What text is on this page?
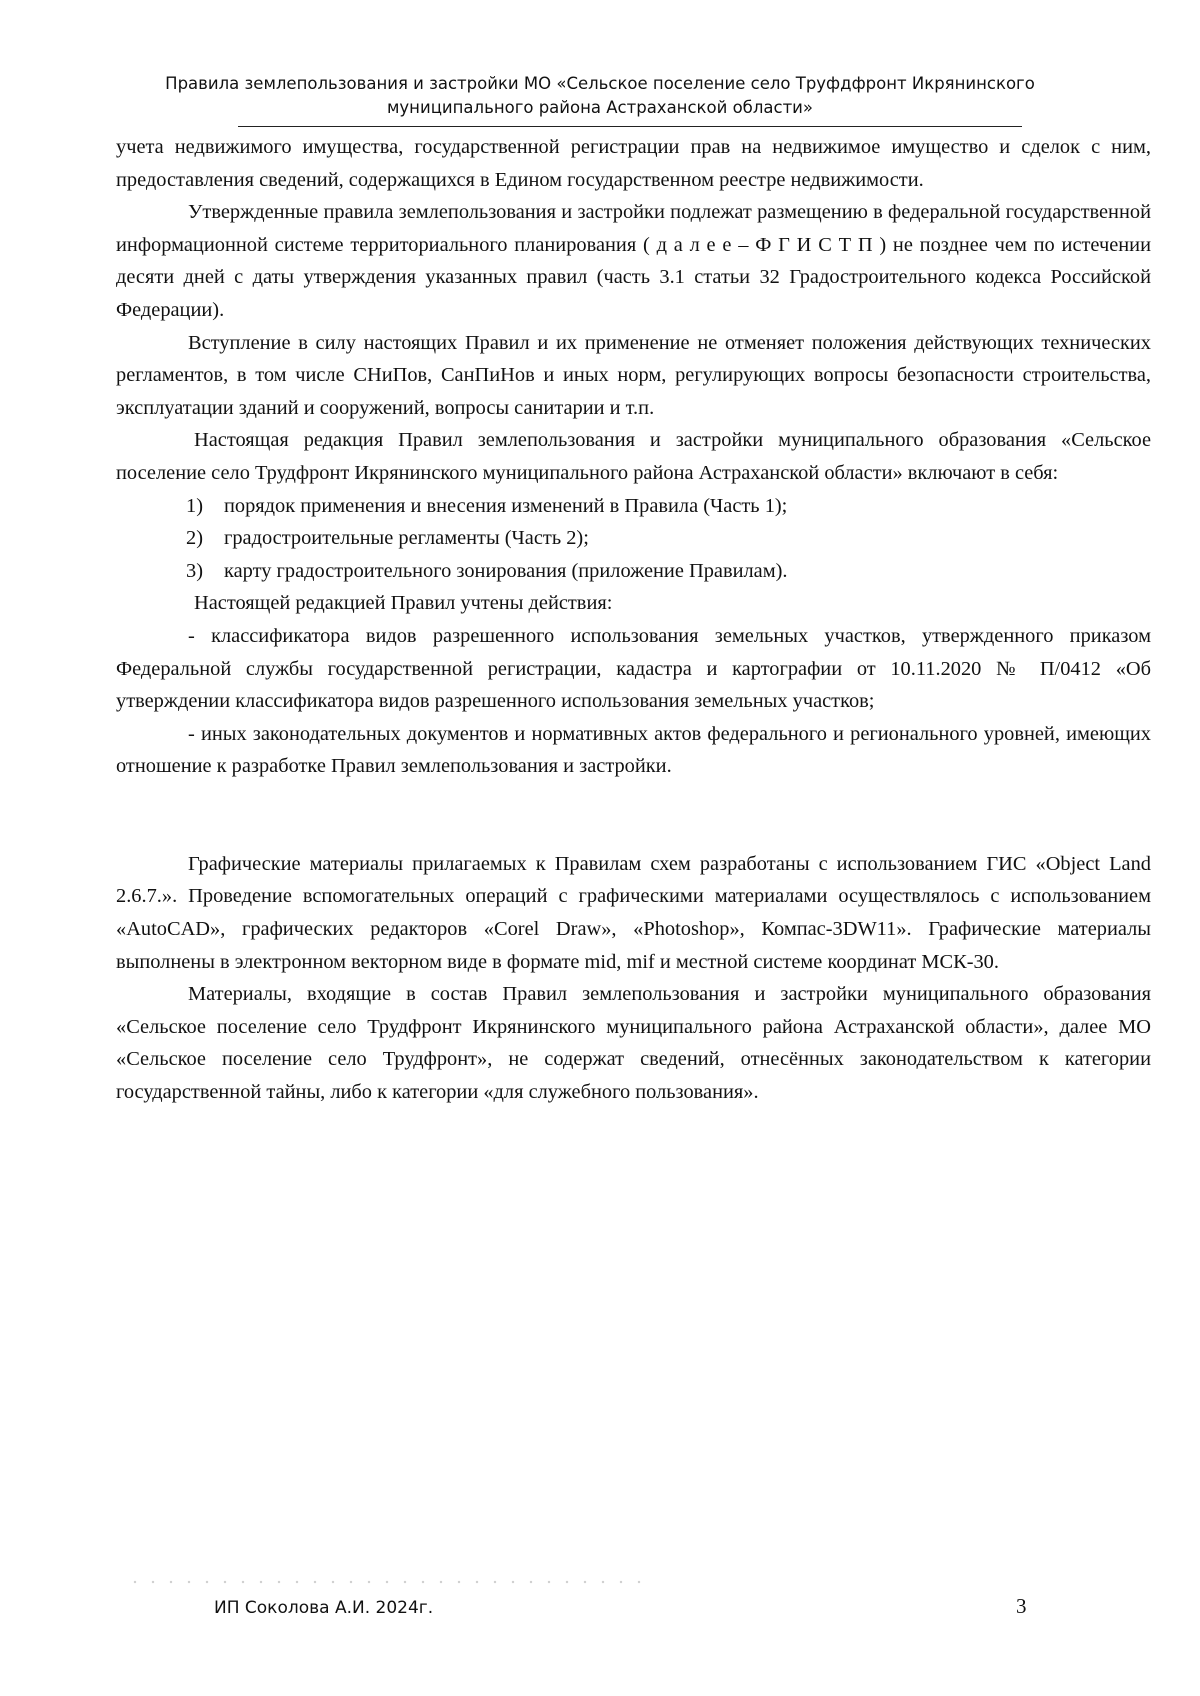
Правила землепользования и застройки МО «Сельское поселение село Труфдфронт Икрянинского
муниципального района Астраханской области»

учета недвижимого имущества, государственной регистрации прав на недвижимое имущество и сделок с ним, предоставления сведений, содержащихся в Едином государственном реестре недвижимости.

Утвержденные правила землепользования и застройки подлежат размещению в федеральной государственной информационной системе территориального планирования ( д а л е е – Ф Г И С Т П ) не позднее чем по истечении десяти дней с даты утверждения указанных правил (часть 3.1 статьи 32 Градостроительного кодекса Российской Федерации).

Вступление в силу настоящих Правил и их применение не отменяет положения действующих технических регламентов, в том числе СНиПов, СанПиНов и иных норм, регулирующих вопросы безопасности строительства, эксплуатации зданий и сооружений, вопросы санитарии и т.п.

Настоящая редакция Правил землепользования и застройки муниципального образования «Сельское поселение село Трудфронт Икрянинского муниципального района Астраханской области» включают в себя:

1) порядок применения и внесения изменений в Правила (Часть 1);
2) градостроительные регламенты (Часть 2);
3) карту градостроительного зонирования (приложение Правилам).

Настоящей редакцией Правил учтены действия:

- классификатора видов разрешенного использования земельных участков, утвержденного приказом Федеральной службы государственной регистрации, кадастра и картографии от 10.11.2020 № П/0412 «Об утверждении классификатора видов разрешенного использования земельных участков;

- иных законодательных документов и нормативных актов федерального и регионального уровней, имеющих отношение к разработке Правил землепользования и застройки.

Графические материалы прилагаемых к Правилам схем разработаны с использованием ГИС «Object Land 2.6.7.». Проведение вспомогательных операций с графическими материалами осуществлялось с использованием «AutoCAD», графических редакторов «Corel Draw», «Photoshop», Компас-3DW11». Графические материалы выполнены в электронном векторном виде в формате mid, mif и местной системе координат МСК-30.

Материалы, входящие в состав Правил землепользования и застройки муниципального образования «Сельское поселение село Трудфронт Икрянинского муниципального района Астраханской области», далее МО «Сельское поселение село Трудфронт», не содержат сведений, отнесённых законодательством к категории государственной тайны, либо к категории «для служебного пользования».

ИП Соколова А.И. 2024г.	3
